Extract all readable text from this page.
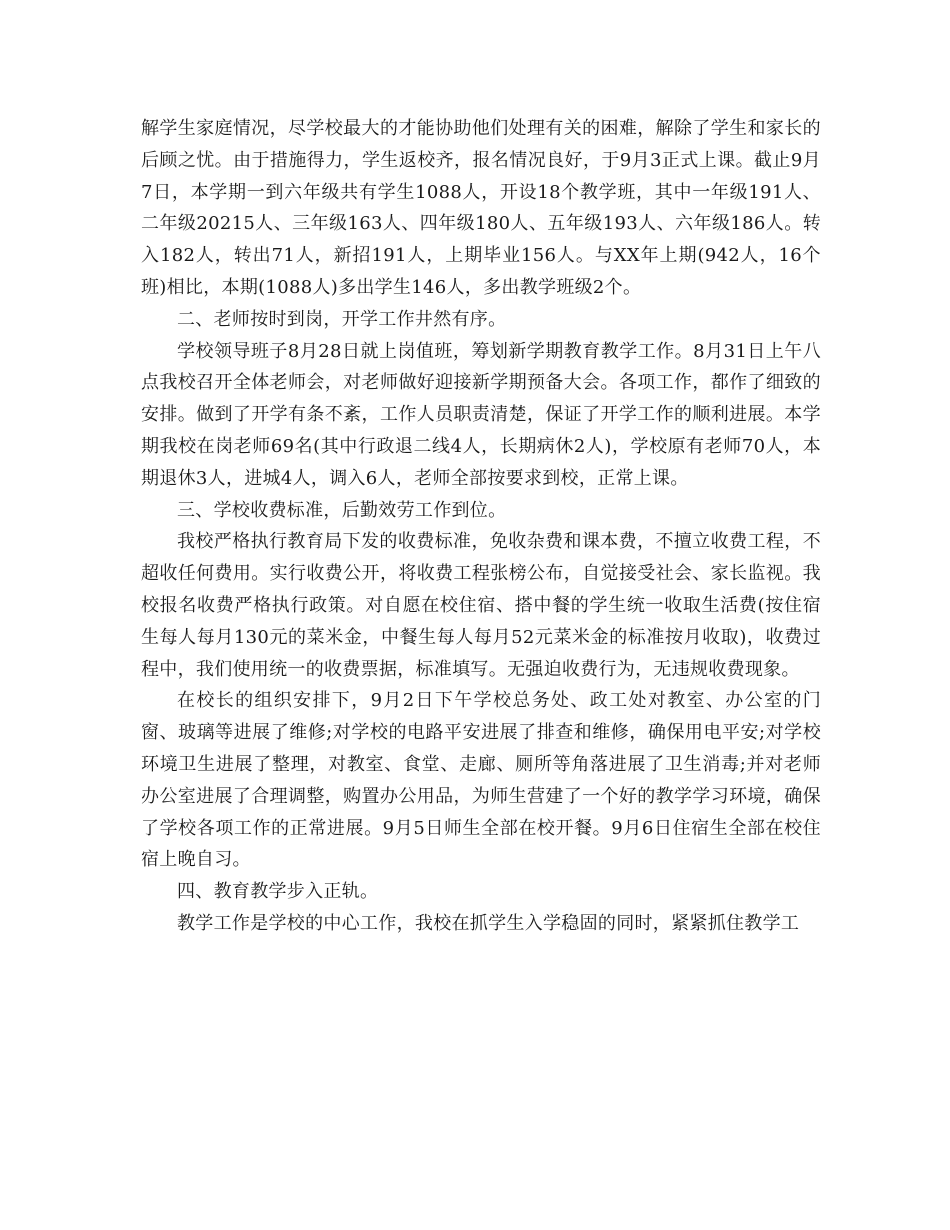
解学生家庭情况，尽学校最大的才能协助他们处理有关的困难，解除了学生和家长的后顾之忧。由于措施得力，学生返校齐，报名情况良好，于9月3正式上课。截止9月7日，本学期一到六年级共有学生1088人，开设18个教学班，其中一年级191人、二年级20215人、三年级163人、四年级180人、五年级193人、六年级186人。转入182人，转出71人，新招191人，上期毕业156人。与XX年上期(942人，16个班)相比，本期(1088人)多出学生146人，多出教学班级2个。

二、老师按时到岗，开学工作井然有序。

学校领导班子8月28日就上岗值班，筹划新学期教育教学工作。8月31日上午八点我校召开全体老师会，对老师做好迎接新学期预备大会。各项工作，都作了细致的安排。做到了开学有条不紊，工作人员职责清楚，保证了开学工作的顺利进展。本学期我校在岗老师69名(其中行政退二线4人，长期病休2人)，学校原有老师70人，本期退休3人，进城4人，调入6人，老师全部按要求到校，正常上课。

三、学校收费标准，后勤效劳工作到位。

我校严格执行教育局下发的收费标准，免收杂费和课本费，不擅立收费工程，不超收任何费用。实行收费公开，将收费工程张榜公布，自觉接受社会、家长监视。我校报名收费严格执行政策。对自愿在校住宿、搭中餐的学生统一收取生活费(按住宿生每人每月130元的菜米金，中餐生每人每月52元菜米金的标准按月收取)，收费过程中，我们使用统一的收费票据，标准填写。无强迫收费行为，无违规收费现象。

在校长的组织安排下，9月2日下午学校总务处、政工处对教室、办公室的门窗、玻璃等进展了维修;对学校的电路平安进展了排查和维修，确保用电平安;对学校环境卫生进展了整理，对教室、食堂、走廊、厕所等角落进展了卫生消毒;并对老师办公室进展了合理调整，购置办公用品，为师生营建了一个好的教学学习环境，确保了学校各项工作的正常进展。9月5日师生全部在校开餐。9月6日住宿生全部在校住宿上晚自习。

四、教育教学步入正轨。

教学工作是学校的中心工作，我校在抓学生入学稳固的同时，紧紧抓住教学工
